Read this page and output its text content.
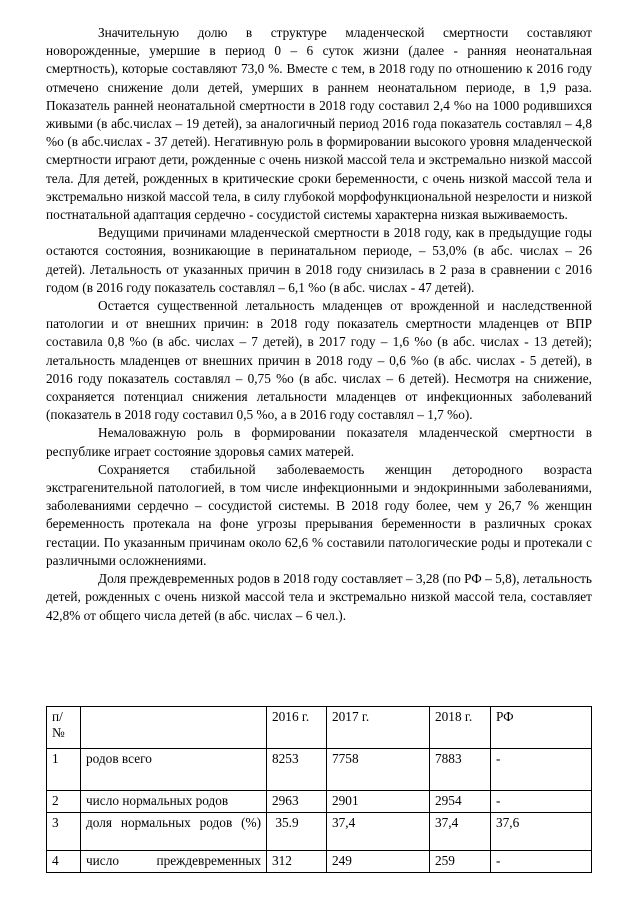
Значительную долю в структуре младенческой смертности составляют новорожденные, умершие в период 0 – 6 суток жизни (далее - ранняя неонатальная смертность), которые составляют 73,0 %. Вместе с тем, в 2018 году по отношению к 2016 году отмечено снижение доли детей, умерших в раннем неонатальном периоде, в 1,9 раза. Показатель ранней неонатальной смертности в 2018 году составил 2,4 %о на 1000 родившихся живыми (в абс.числах – 19 детей), за аналогичный период 2016 года показатель составлял – 4,8 %о (в абс.числах - 37 детей). Негативную роль в формировании высокого уровня младенческой смертности играют дети, рожденные с очень низкой массой тела и экстремально низкой массой тела. Для детей, рожденных в критические сроки беременности, с очень низкой массой тела и экстремально низкой массой тела, в силу глубокой морфофункциональной незрелости и низкой постнатальной адаптация сердечно - сосудистой системы характерна низкая выживаемость.

Ведущими причинами младенческой смертности в 2018 году, как в предыдущие годы остаются состояния, возникающие в перинатальном периоде, – 53,0% (в абс. числах – 26 детей). Летальность от указанных причин в 2018 году снизилась в 2 раза в сравнении с 2016 годом (в 2016 году показатель составлял – 6,1 %о (в абс. числах - 47 детей).

Остается существенной летальность младенцев от врожденной и наследственной патологии и от внешних причин: в 2018 году показатель смертности младенцев от ВПР составила 0,8 %о (в абс. числах – 7 детей), в 2017 году – 1,6 %о (в абс. числах - 13 детей); летальность младенцев от внешних причин в 2018 году – 0,6 %о (в абс. числах - 5 детей), в 2016 году показатель составлял – 0,75 %о (в абс. числах – 6 детей). Несмотря на снижение, сохраняется потенциал снижения летальности младенцев от инфекционных заболеваний (показатель в 2018 году составил 0,5 %о, а в 2016 году составлял – 1,7 %о).

Немаловажную роль в формировании показателя младенческой смертности в республике играет состояние здоровья самих матерей.

Сохраняется стабильной заболеваемость женщин детородного возраста экстрагенительной патологией, в том числе инфекционными и эндокринными заболеваниями, заболеваниями сердечно – сосудистой системы. В 2018 году более, чем у 26,7 % женщин беременность протекала на фоне угрозы прерывания беременности в различных сроках гестации. По указанным причинам около 62,6 % составили патологические роды и протекали с различными осложнениями.

Доля преждевременных родов в 2018 году составляет – 3,28 (по РФ – 5,8), летальность детей, рожденных с очень низкой массой тела и экстремально низкой массой тела, составляет 42,8% от общего числа детей (в абс. числах – 6 чел.).

п/
№		2016 г.	2017 г.	2018 г.	РФ
1	родов всего	8253	7758	7883	-
2	число нормальных родов	2963	2901	2954	-
3	доля нормальных родов (%)	35.9	37,4	37,4	37,6
4	число преждевременных	312	249	259	-
